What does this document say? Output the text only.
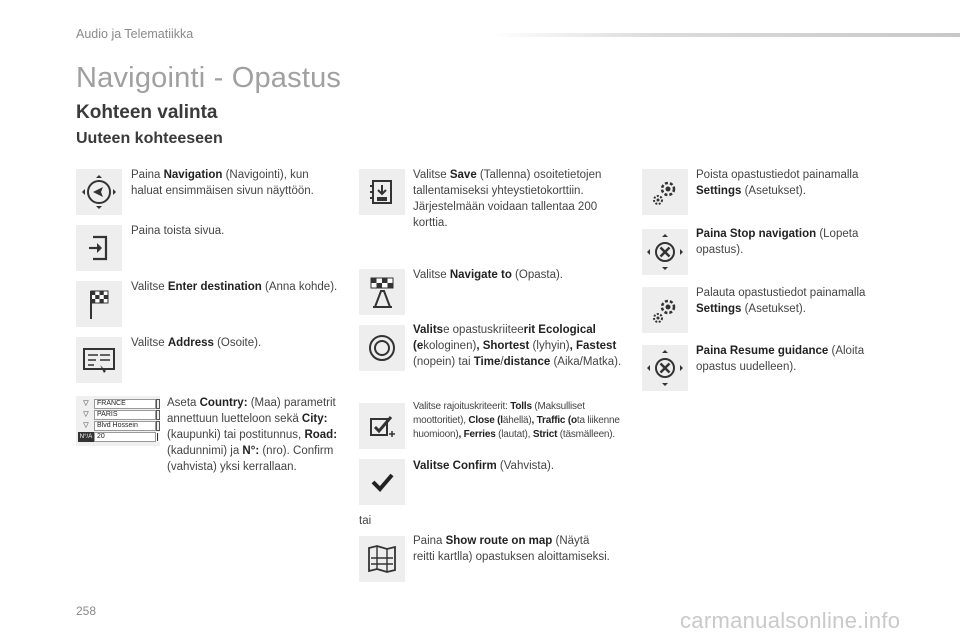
Audio ja Telematiikka
Navigointi - Opastus
Kohteen valinta
Uuteen kohteeseen
Paina Navigation (Navigointi), kun haluat ensimmäisen sivun näyttöön.
Paina toista sivua.
Valitse Enter destination (Anna kohde).
Valitse Address (Osoite).
▽	FRANCE
▽	PARIS
▽	Blvd Hossein
N°/A 20
Aseta Country: (Maa) parametrit annettuun luetteloon sekä City: (kaupunki) tai postitunnus, Road: (kadunnimi) ja N°: (nro). Confirm (vahvista) yksi kerrallaan.
Valitse Save (Tallenna) osoitetietojen tallentamiseksi yhteystietokorttiin. Järjestelmään voidaan tallentaa 200 korttia.
Valitse Navigate to (Opasta).
Valitse opastuskriiteerit Ecological (ekologinen), Shortest (lyhyin), Fastest (nopein) tai Time/distance (Aika/Matka).
Valitse rajoituskriteerit: Tolls (Maksulliset moottoritiet), Close (lähellä), Traffic (ota liikenne huomioon), Ferries (lautat), Strict (täsmälleen).
Valitse Confirm (Vahvista).
tai
Paina Show route on map (Näytä reitti kartlla) opastuksen aloittamiseksi.
Poista opastustiedot painamalla Settings (Asetukset).
Paina Stop navigation (Lopeta opastus).
Palauta opastustiedot painamalla Settings (Asetukset).
Paina Resume guidance (Aloita opastus uudelleen).
258	carmanualsonline.info
